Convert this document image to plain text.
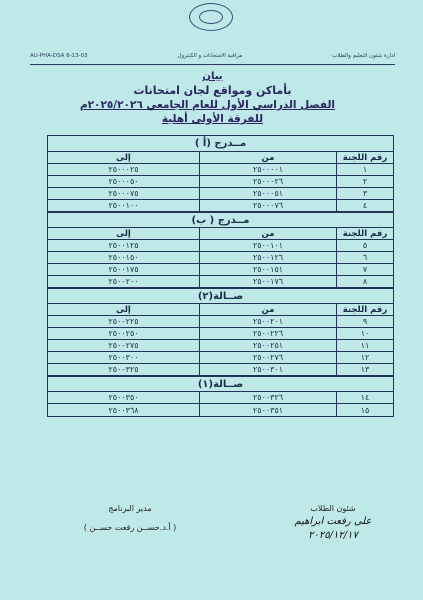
AU-PHA-DSA 6-13-03	مراقبة الامتحانات و الكنترول	ادارة شئون التعليم والطلاب
بيان
بأماكن ومواقع لجان امتحانات
الفصل الدراسي الأول للعام الجامعي ٢٠٢٥/٢٠٢٦م
للفرقة الأولى أهلية
مــدرج (أ )
رقم اللجنة
من
إلى
١
٢٥٠٠٠٠١
٢٥٠٠٠٢٥
٢
٢٥٠٠٠٢٦
٢٥٠٠٠٥٠
٣
٢٥٠٠٠٥١
٢٥٠٠٠٧٥
٤
٢٥٠٠٠٧٦
٢٥٠٠١٠٠
مــدرج ( ب)
رقم اللجنة
من
إلى
٥
٢٥٠٠١٠١
٢٥٠٠١٢٥
٦
٢٥٠٠١٢٦
٢٥٠٠١٥٠
٧
٢٥٠٠١٥١
٢٥٠٠١٧٥
٨
٢٥٠٠١٧٦
٢٥٠٠٢٠٠
صــالة(٢)
رقم اللجنة
من
إلى
٩
٢٥٠٠٢٠١
٢٥٠٠٢٢٥
١٠
٢٥٠٠٢٢٦
٢٥٠٠٢٥٠
١١
٢٥٠٠٢٥١
٢٥٠٠٢٧٥
١٢
٢٥٠٠٢٧٦
٢٥٠٠٣٠٠
١٣
٢٥٠٠٣٠١
٢٥٠٠٣٢٥
صــالة(١)
١٤
٢٥٠٠٣٢٦
٢٥٠٠٣٥٠
١٥
٢٥٠٠٣٥١
٢٥٠٠٣٦٨
شئون الطلاب
على رفعت ابراهيم
٢٠٢٥/١٢/١٧
مدير البرنامج
( أ.د.حســن رفعت حســن )
